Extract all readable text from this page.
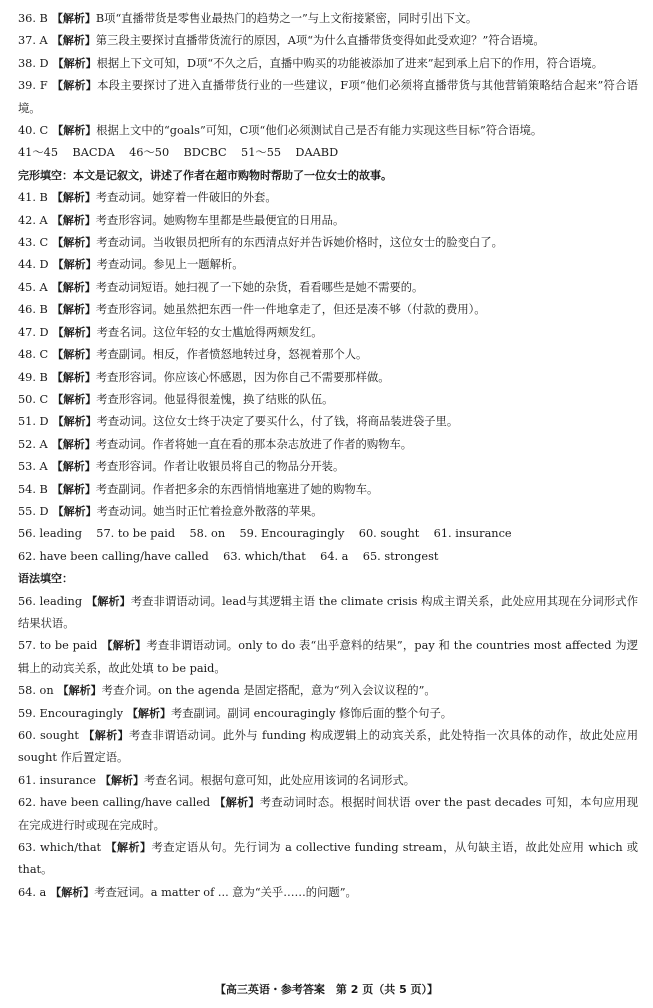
36. B 【解析】B项“直播带货是零售业最热门的趋势之一”与上文衔接紧密，同时引出下文。
37. A 【解析】第三段主要探讨直播带货流行的原因，A项“为什么直播带货变得如此受欢迎？”符合语境。
38. D 【解析】根据上下文可知，D项“不久之后，直播中购买的功能被添加了进来”起到承上启下的作用，符合语境。
39. F 【解析】本段主要探讨了进入直播带货行业的一些建议，F项“他们必须将直播带货与其他营销策略结合起来”符合语境。
40. C 【解析】根据上文中的“goals”可知，C项“他们必须测试自己是否有能力实现这些目标”符合语境。
41～45    BACDA    46～50    BDCBC    51～55    DAABD
完形填空：本文是记叙文，讲述了作者在超市购物时帮助了一位女士的故事。
41. B 【解析】考查动词。她穿着一件破旧的外套。
42. A 【解析】考查形容词。她购物车里都是些最便宜的日用品。
43. C 【解析】考查动词。当收银员把所有的东西清点好并告诉她价格时，这位女士的脸变白了。
44. D 【解析】考查动词。参见上一题解析。
45. A 【解析】考查动词短语。她扫视了一下她的杂货，看看哪些是她不需要的。
46. B 【解析】考查形容词。她虽然把东西一件一件地拿走了，但还是凑不够（付款的费用）。
47. D 【解析】考查名词。这位年轻的女士尴尬得两颊发红。
48. C 【解析】考查副词。相反，作者愤怒地转过身，怒视着那个人。
49. B 【解析】考查形容词。你应该心怀感恩，因为你自己不需要那样做。
50. C 【解析】考查形容词。他显得很羞愧，换了结账的队伍。
51. D 【解析】考查动词。这位女士终于决定了要买什么，付了钱，将商品装进袋子里。
52. A 【解析】考查动词。作者将她一直在看的那本杂志放进了作者的购物车。
53. A 【解析】考查形容词。作者让收银员将自己的物品分开装。
54. B 【解析】考查副词。作者把多余的东西悄悄地塞进了她的购物车。
55. D 【解析】考查动词。她当时正忙着捡意外散落的苹果。
56. leading    57. to be paid    58. on    59. Encouragingly    60. sought    61. insurance
62. have been calling/have called    63. which/that    64. a    65. strongest
语法填空：
56. leading 【解析】考查非谓语动词。lead与其逻辑主语 the climate crisis 构成主谓关系，此处应用其现在分词形式作结果状语。
57. to be paid 【解析】考查非谓语动词。only to do 表“出乎意料的结果”，pay 和 the countries most affected 为逻辑上的动宾关系，故此处填 to be paid。
58. on 【解析】考查介词。on the agenda 是固定搭配，意为“列入会议议程的”。
59. Encouragingly 【解析】考查副词。副词 encouragingly 修饰后面的整个句子。
60. sought 【解析】考查非谓语动词。此外与 funding 构成逻辑上的动宾关系，此处特指一次具体的动作，故此处应用 sought 作后置定语。
61. insurance 【解析】考查名词。根据句意可知，此处应用该词的名词形式。
62. have been calling/have called 【解析】考查动词时态。根据时间状语 over the past decades 可知，本句应用现在完成进行时或现在完成时。
63. which/that 【解析】考查定语从句。先行词为 a collective funding stream，从句缺主语，故此处应用 which 或 that。
64. a 【解析】考查冠词。a matter of ... 意为“关乎……的问题”。
【高三英语・参考答案　第 2 页（共 5 页）】
